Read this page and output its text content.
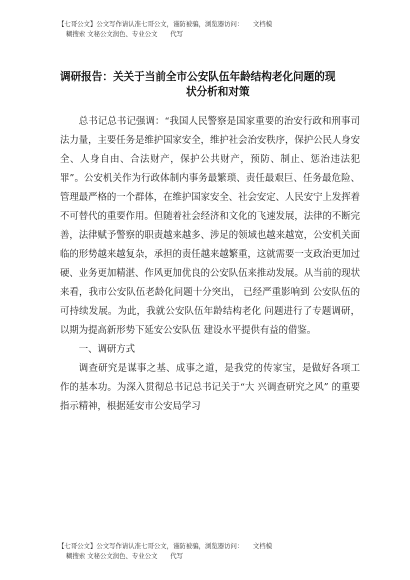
【七哥公文】公文写作请认准七哥公文，谨防被骗，浏览器访问：　　文档模
糊搜索 文秘公文润色、专业公文　　代写
调研报告：关关于当前全市公安队伍年龄结构老化问题的现
状分析和对策

总书记总书记强调：“我国人民警察是国家重要的治安行政和刑事司法力量，主要任务是维护国家安全，维护社会治安秩序，保护公民人身安全、人身自由、合法财产，保护公共财产，预防、制止、惩治违法犯罪”。公安机关作为行政体制内事务最繁琐、责任最艰巨、任务最危险、管理最严格的一个群体，在维护国家安全、社会安定、人民安宁上发挥着不可替代的重要作用。但随着社会经济和文化的飞速发展，法律的不断完善，法律赋予警察的职责越来越多、涉足的领域也越来越宽，公安机关面临的形势越来越复杂，承担的责任越来越繁重，这就需要一支政治更加过硬、业务更加精湛、作风更加优良的公安队伍来推动发展。从当前的现状来看，我市公安队伍老龄化问题十分突出， 已经严重影响到 公安队伍的可持续发展。为此，我就公安队伍年龄结构老化 问题进行了专题调研，以期为提高新形势下延安公安队伍 建设水平提供有益的借鉴。

一、调研方式

调查研究是谋事之基、成事之道，是我党的传家宝，是做好各项工作的基本功。为深入贯彻总书记总书记关于“大 兴调查研究之风” 的重要指示精神，根据延安市公安局学习

【七哥公文】公文写作请认准七哥公文，谨防被骗，浏览器访问：　　文档模
糊搜索 文秘公文润色、专业公文　　代写
